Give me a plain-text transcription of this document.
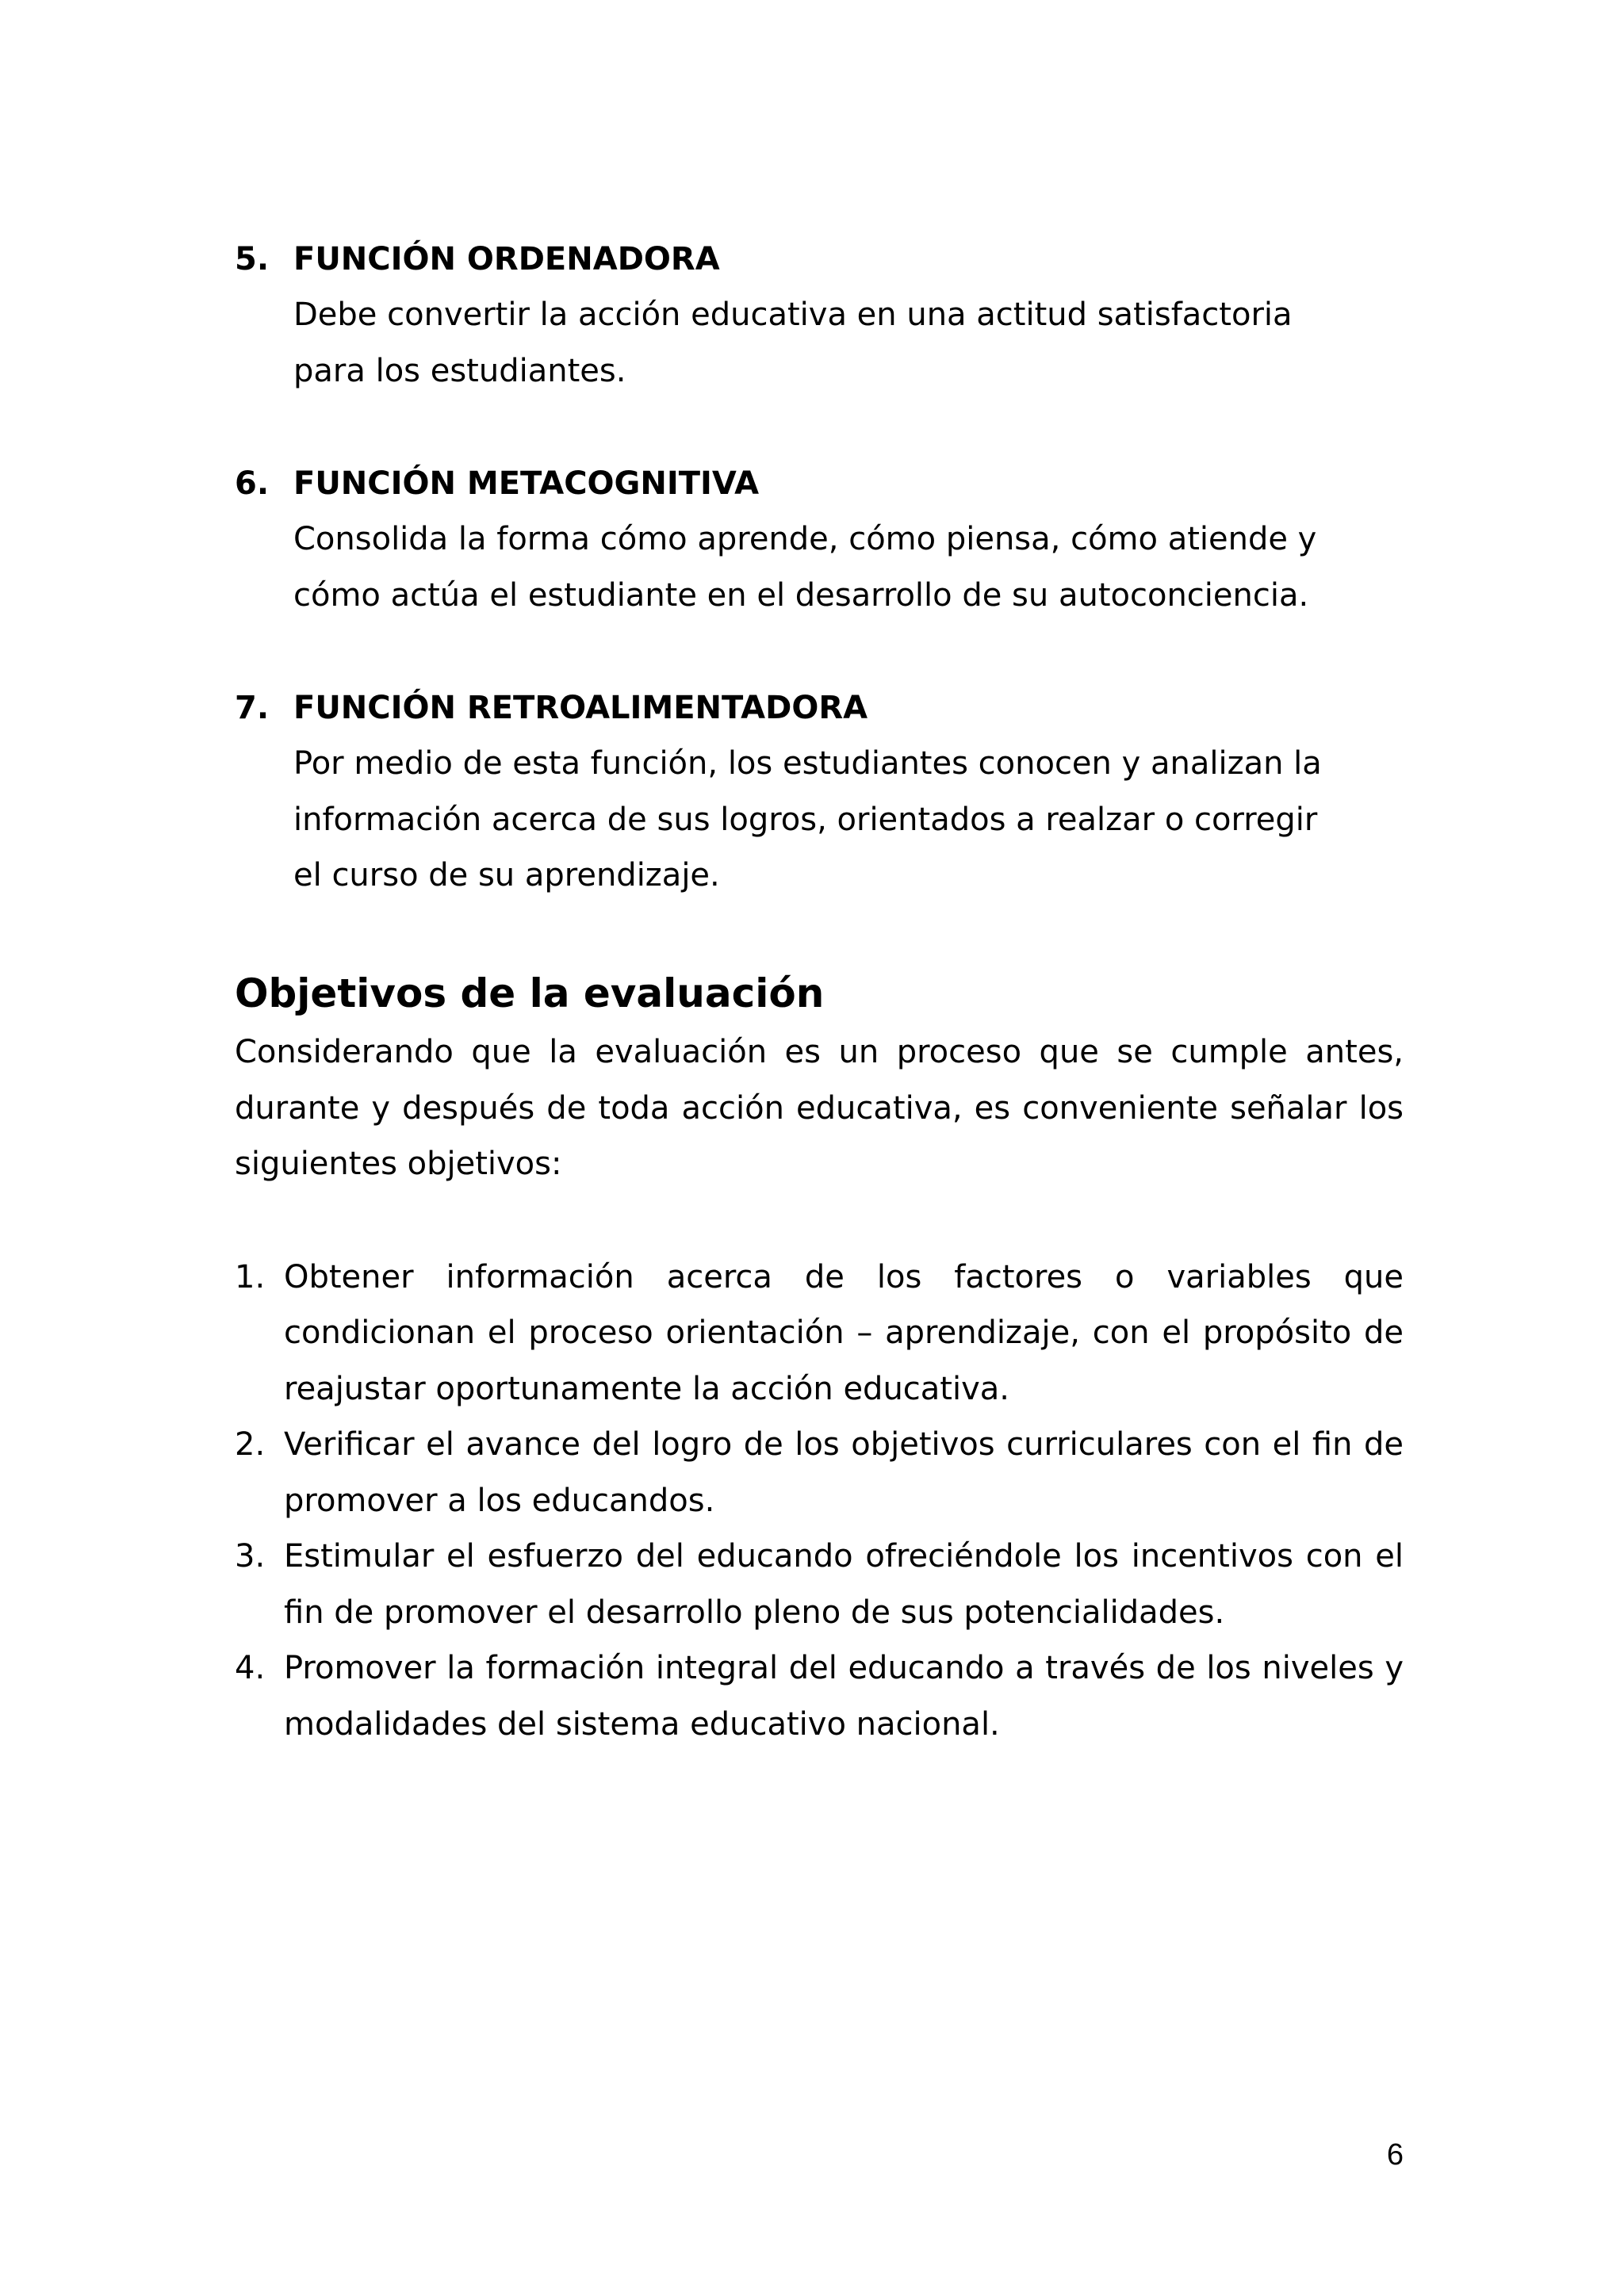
5. FUNCIÓN ORDENADORA
Debe convertir la acción educativa en una actitud satisfactoria
para los estudiantes.
6. FUNCIÓN METACOGNITIVA
Consolida la forma cómo aprende, cómo piensa, cómo atiende y
cómo actúa el estudiante en el desarrollo de su autoconciencia.
7. FUNCIÓN RETROALIMENTADORA
Por medio de esta función, los estudiantes conocen y analizan la
información acerca de sus logros, orientados a realzar o corregir
el curso de su aprendizaje.
Objetivos de la evaluación

Considerando que la evaluación es un proceso que se cumple antes, durante y después de toda acción educativa, es conveniente señalar los siguientes objetivos:

1. Obtener información acerca de los factores o variables que condicionan el proceso orientación – aprendizaje, con el propósito de reajustar oportunamente la acción educativa.
2. Verificar el avance del logro de los objetivos curriculares con el fin de promover a los educandos.
3. Estimular el esfuerzo del educando ofreciéndole los incentivos con el fin de promover el desarrollo pleno de sus potencialidades.
4. Promover la formación integral del educando a través de los niveles y modalidades del sistema educativo nacional.
6
